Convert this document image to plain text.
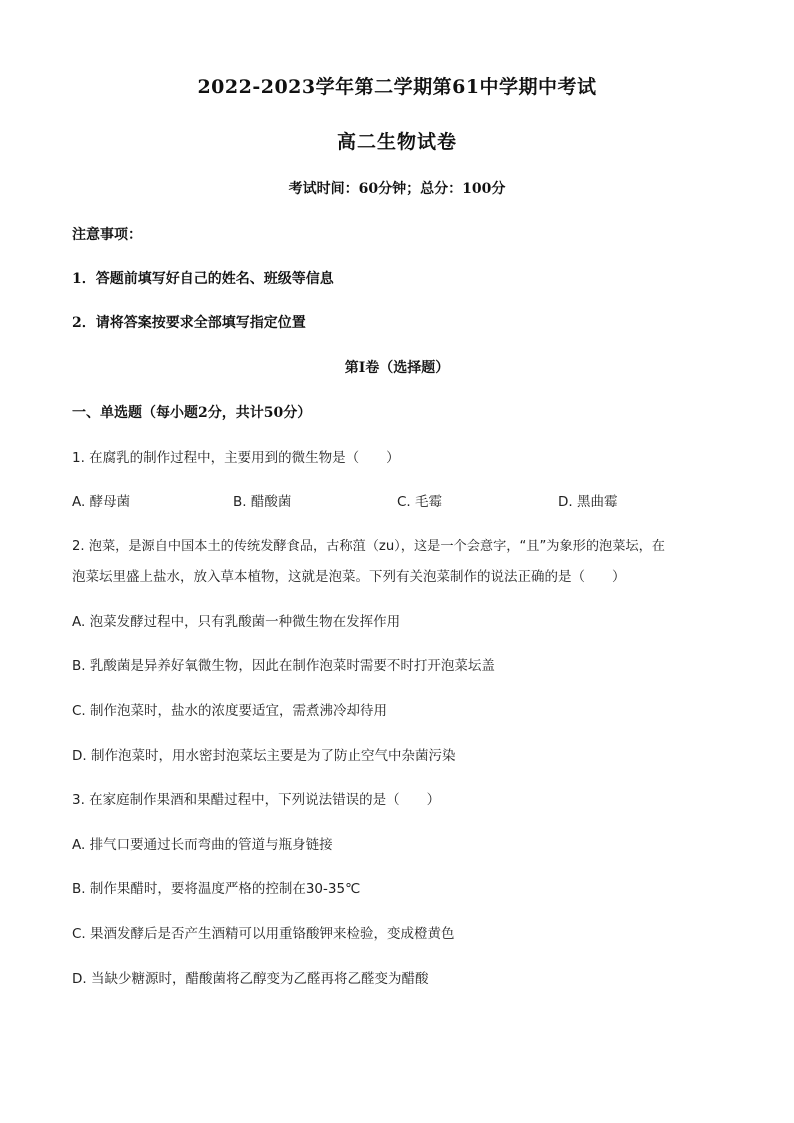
2022-2023学年第二学期第61中学期中考试
高二生物试卷
考试时间：60分钟；总分：100分
注意事项：
1．答题前填写好自己的姓名、班级等信息
2．请将答案按要求全部填写指定位置
第I卷（选择题）
一、单选题（每小题2分，共计50分）
1. 在腐乳的制作过程中，主要用到的微生物是（　　）
A. 酵母菌	B. 醋酸菌	C. 毛霉	D. 黑曲霉
2. 泡菜，是源自中国本土的传统发酵食品，古称菹（zu），这是一个会意字，“且”为象形的泡菜坛，在
泡菜坛里盛上盐水，放入草本植物，这就是泡菜。下列有关泡菜制作的说法正确的是（　　）
A. 泡菜发酵过程中，只有乳酸菌一种微生物在发挥作用
B. 乳酸菌是异养好氧微生物，因此在制作泡菜时需要不时打开泡菜坛盖
C. 制作泡菜时，盐水的浓度要适宜，需煮沸冷却待用
D. 制作泡菜时，用水密封泡菜坛主要是为了防止空气中杂菌污染
3. 在家庭制作果酒和果醋过程中，下列说法错误的是（　　）
A. 排气口要通过长而弯曲的管道与瓶身链接
B. 制作果醋时，要将温度严格的控制在30-35℃
C. 果酒发酵后是否产生酒精可以用重铬酸钾来检验，变成橙黄色
D. 当缺少糖源时，醋酸菌将乙醇变为乙醛再将乙醛变为醋酸
